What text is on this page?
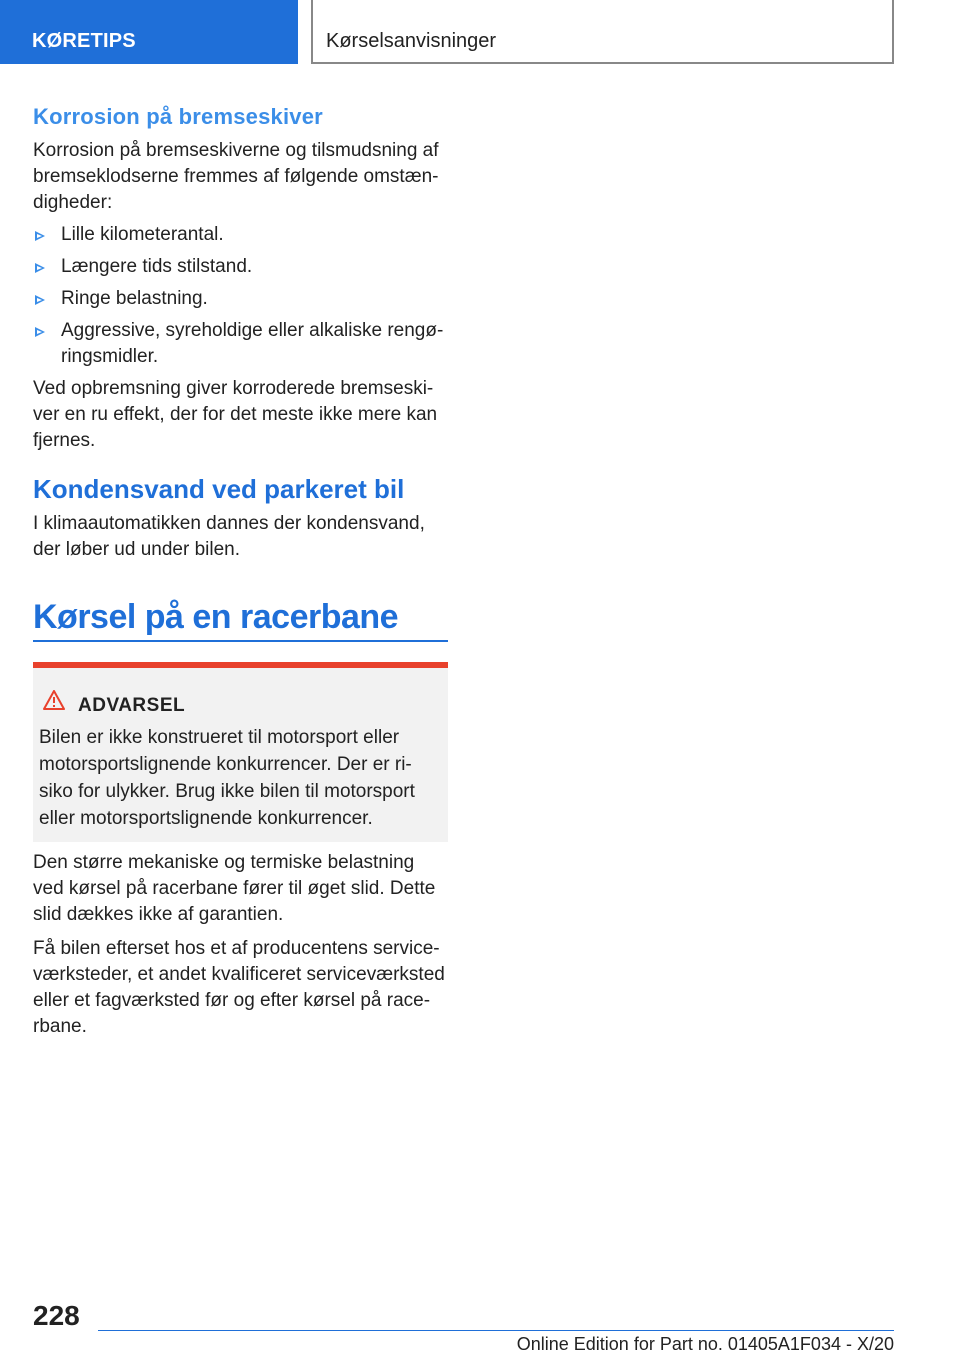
KØRETIPS	Kørselsanvisninger
Korrosion på bremseskiver

Korrosion på bremseskiverne og tilsmudsning af bremseklodserne fremmes af følgende omstæn-digheder:

Lille kilometerantal.
Længere tids stilstand.
Ringe belastning.
Aggressive, syreholdige eller alkaliske rengø-ringsmidler.

Ved opbremsning giver korroderede bremseski-ver en ru effekt, der for det meste ikke mere kan fjernes.

Kondensvand ved parkeret bil

I klimaautomatikken dannes der kondensvand, der løber ud under bilen.

Kørsel på en racerbane
ADVARSEL
Bilen er ikke konstrueret til motorsport eller motorsportslignende konkurrencer. Der er ri-siko for ulykker. Brug ikke bilen til motorsport eller motorsportslignende konkurrencer.

Den større mekaniske og termiske belastning ved kørsel på racerbane fører til øget slid. Dette slid dækkes ikke af garantien.

Få bilen efterset hos et af producentens service-værksteder, et andet kvalificeret serviceværksted eller et fagværksted før og efter kørsel på race-rbane.

228
Online Edition for Part no. 01405A1F034 - X/20
